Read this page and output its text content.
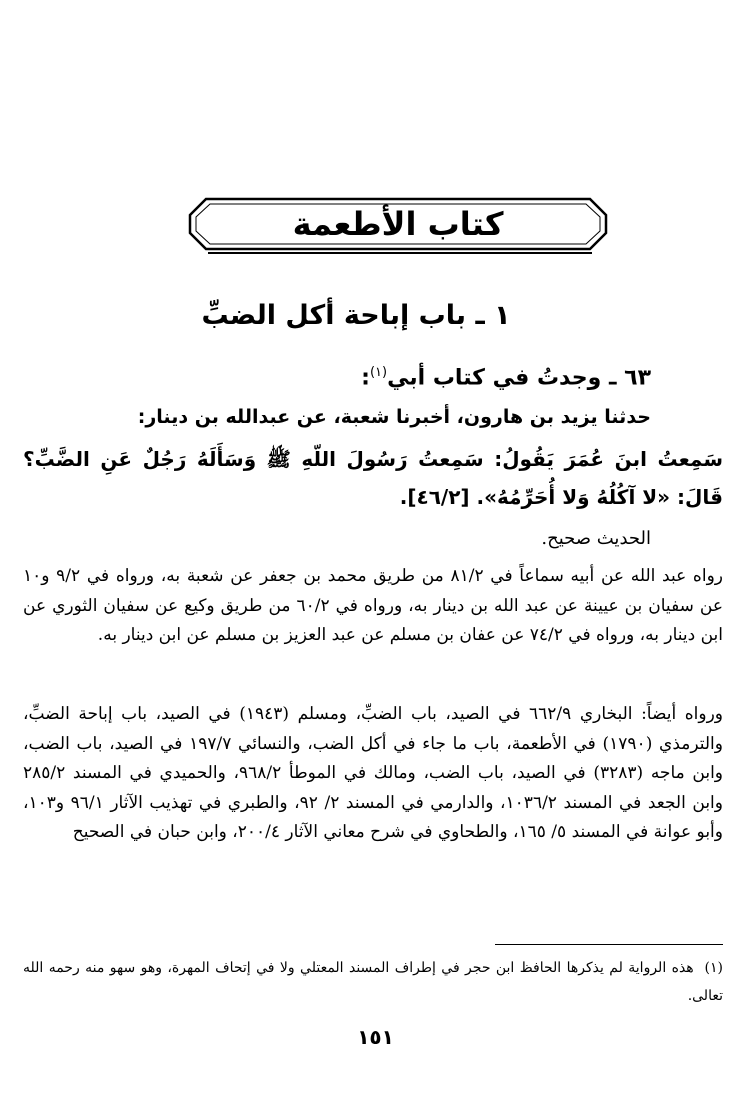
كتاب الأطعمة
١ ـ باب إباحة أكل الضبِّ
٦٣ ـ وجدتُ في كتاب أبي$^{(١)}$:
حدثنا يزيد بن هارون، أخبرنا شعبة، عن عبدالله بن دينار:
سَمِعتُ ابنَ عُمَرَ يَقُولُ: سَمِعتُ رَسُولَ اللّهِ ﷺ وَسَأَلَهُ رَجُلٌ عَنِ الضَّبِّ؟ قَالَ: «لا آكُلُهُ وَلا أُحَرِّمُهُ». [٤٦/٢].
الحديث صحيح.
رواه عبد الله عن أبيه سماعاً في ٨١/٢ من طريق محمد بن جعفر عن شعبة به، ورواه في ٩/٢ و١٠ عن سفيان بن عيينة عن عبد الله بن دينار به، ورواه في ٦٠/٢ من طريق وكيع عن سفيان الثوري عن ابن دينار به، ورواه في ٧٤/٢ عن عفان بن مسلم عن عبد العزيز بن مسلم عن ابن دينار به.
ورواه أيضاً: البخاري ٦٦٢/٩ في الصيد، باب الضبِّ، ومسلم (١٩٤٣) في الصيد، باب إباحة الضبِّ، والترمذي (١٧٩٠) في الأطعمة، باب ما جاء في أكل الضب، والنسائي ١٩٧/٧ في الصيد، باب الضب، وابن ماجه (٣٢٨٣) في الصيد، باب الضب، ومالك في الموطأ ٩٦٨/٢، والحميدي في المسند ٢٨٥/٢ وابن الجعد في المسند ١٠٣٦/٢، والدارمي في المسند ٢/ ٩٢، والطبري في تهذيب الآثار ٩٦/١ و١٠٣، وأبو عوانة في المسند ٥/ ١٦٥، والطحاوي في شرح معاني الآثار ٢٠٠/٤، وابن حبان في الصحيح
(١)  هذه الرواية لم يذكرها الحافظ ابن حجر في إطراف المسند المعتلي ولا في إتحاف المهرة، وهو سهو منه رحمه الله تعالى.
١٥١
